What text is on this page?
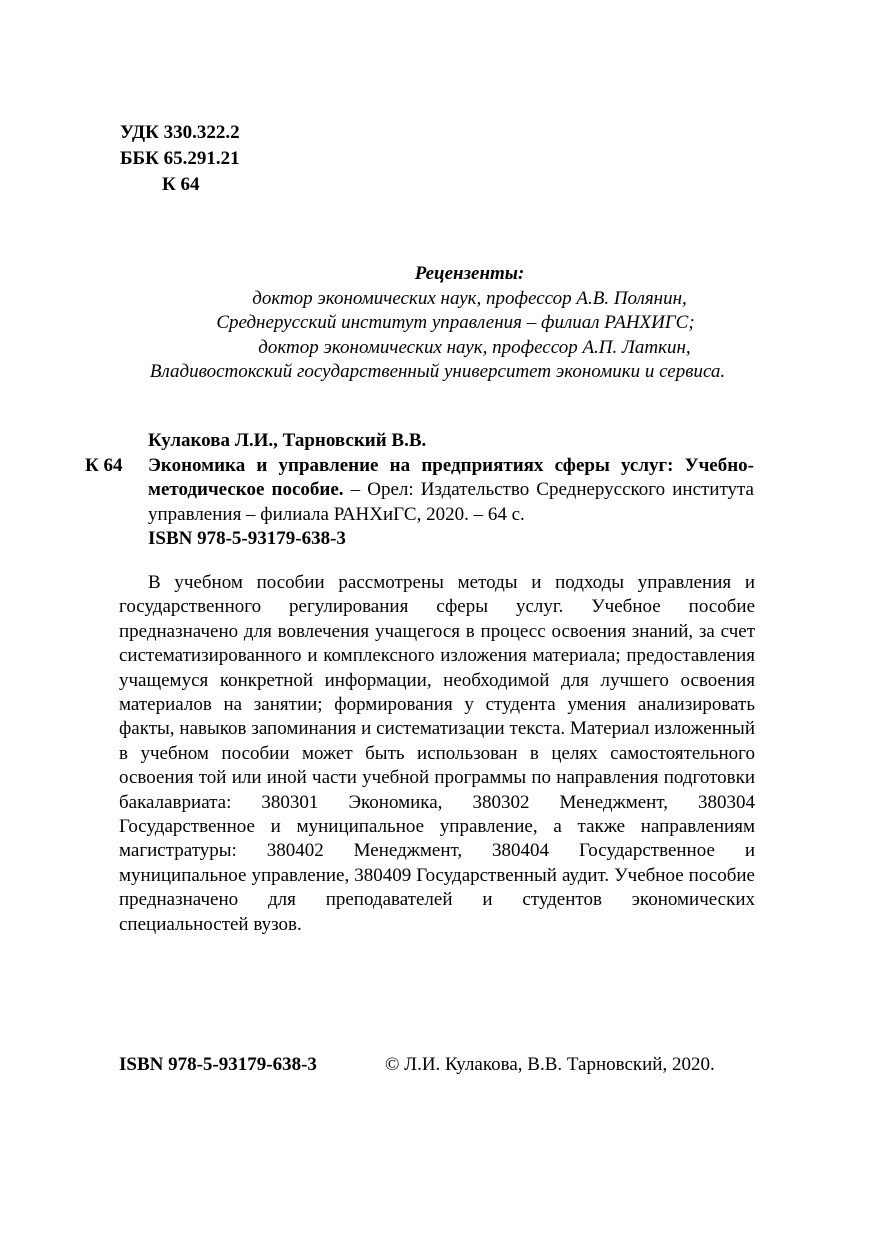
УДК 330.322.2
ББК 65.291.21
К 64
Рецензенты:
доктор экономических наук, профессор А.В. Полянин,
Среднерусский институт управления – филиал РАНХИГС;
доктор экономических наук, профессор А.П. Латкин,
Владивостокский государственный университет экономики и сервиса.
К 64
Кулакова Л.И., Тарновский В.В.
Экономика и управление на предприятиях сферы услуг: Учебно-методическое пособие. – Орел: Издательство Среднерусского института управления – филиала РАНХиГС, 2020. – 64 с.
ISBN 978-5-93179-638-3
В учебном пособии рассмотрены методы и подходы управления и государственного регулирования сферы услуг. Учебное пособие предназначено для вовлечения учащегося в процесс освоения знаний, за счет систематизированного и комплексного изложения материала; предоставления учащемуся конкретной информации, необходимой для лучшего освоения материалов на занятии; формирования у студента умения анализировать факты, навыков запоминания и систематизации текста. Материал изложенный в учебном пособии может быть использован в целях самостоятельного освоения той или иной части учебной программы по направления подготовки бакалавриата: 380301 Экономика, 380302 Менеджмент, 380304 Государственное и муниципальное управление, а также направлениям магистратуры: 380402 Менеджмент, 380404 Государственное и муниципальное управление, 380409 Государственный аудит. Учебное пособие предназначено для преподавателей и студентов экономических специальностей вузов.
ISBN 978-5-93179-638-3	© Л.И. Кулакова, В.В. Тарновский, 2020.
